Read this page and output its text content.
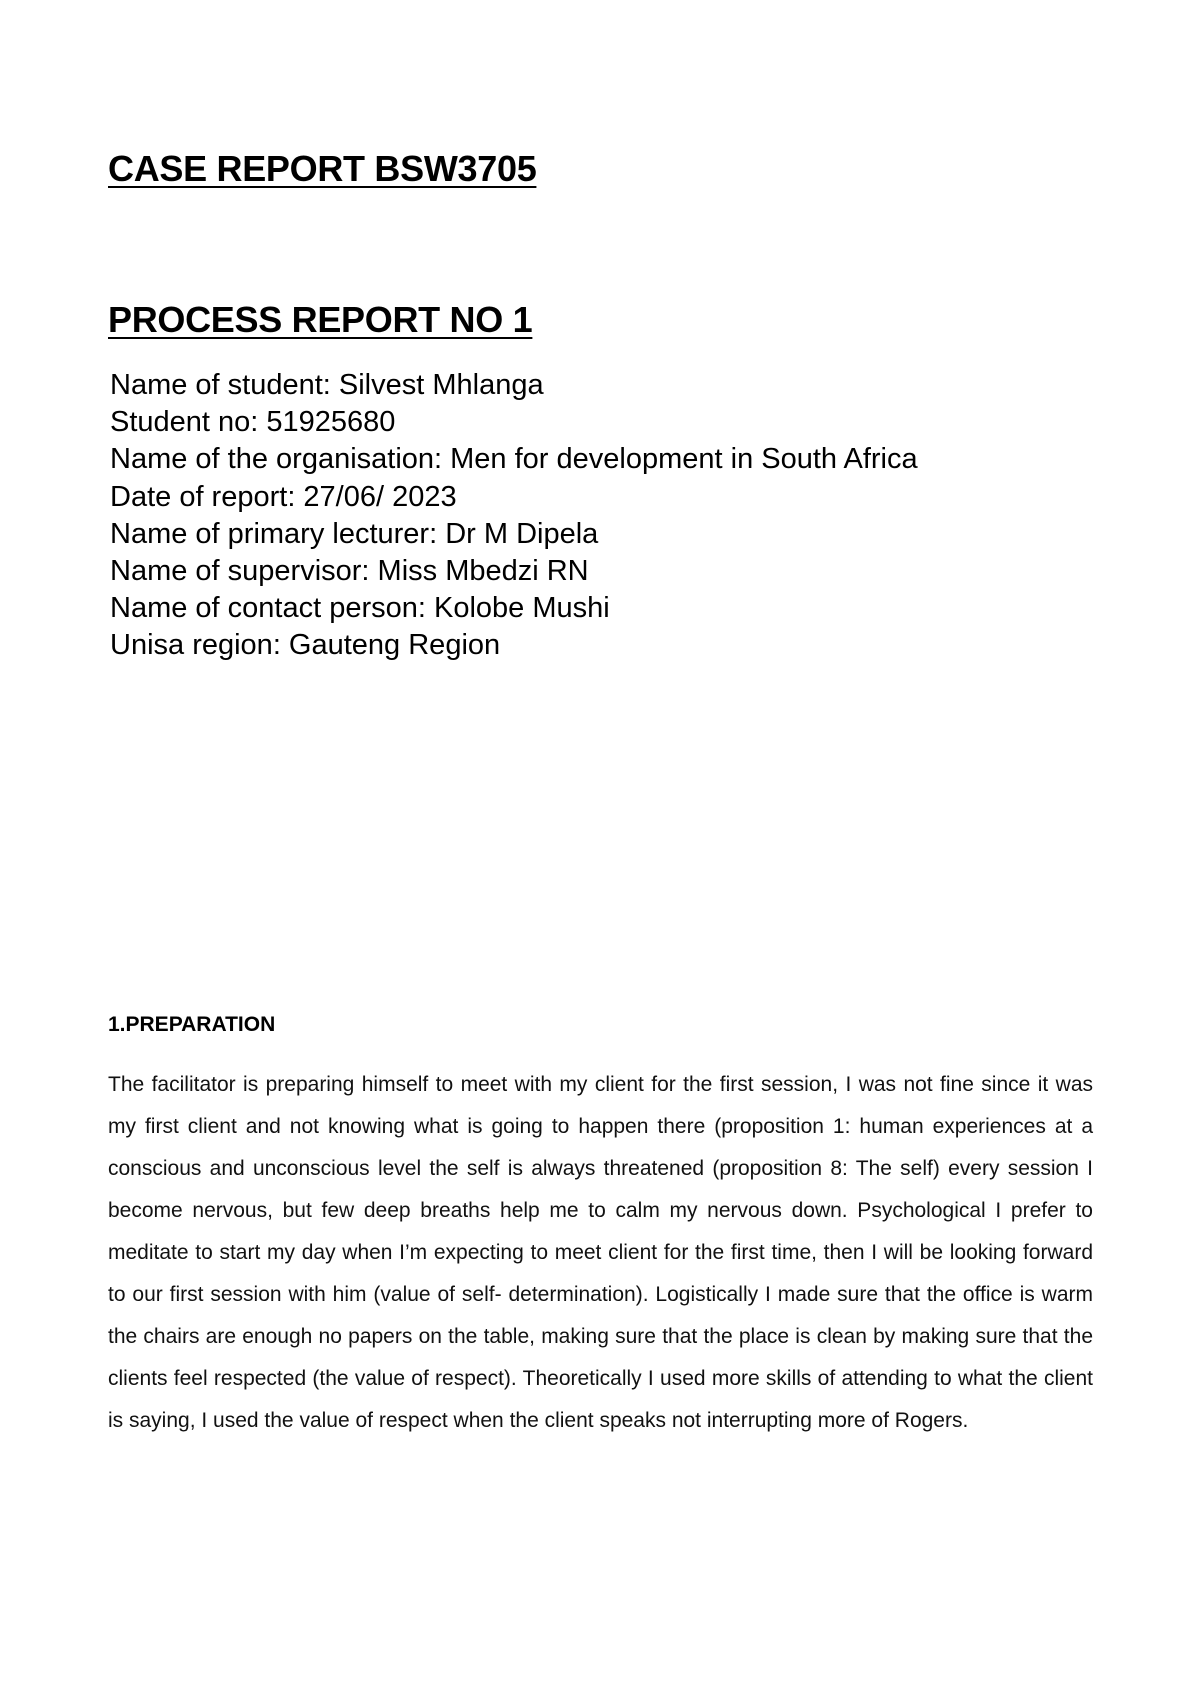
CASE REPORT BSW3705
PROCESS REPORT NO 1
Name of student: Silvest Mhlanga
Student no: 51925680
Name of the organisation: Men for development in South Africa
Date of report: 27/06/ 2023
Name of primary lecturer: Dr M Dipela
Name of supervisor: Miss Mbedzi RN
Name of contact person: Kolobe Mushi
Unisa region: Gauteng Region
1.PREPARATION

The facilitator is preparing himself to meet with my client for the first session, I was not fine since it was my first client and not knowing what is going to happen there (proposition 1: human experiences at a conscious and unconscious level the self is always threatened (proposition 8: The self) every session I become nervous, but few deep breaths help me to calm my nervous down. Psychological I prefer to meditate to start my day when I’m expecting to meet client for the first time, then I will be looking forward to our first session with him (value of self- determination). Logistically I made sure that the office is warm the chairs are enough no papers on the table, making sure that the place is clean by making sure that the clients feel respected (the value of respect). Theoretically I used more skills of attending to what the client is saying, I used the value of respect when the client speaks not interrupting more of Rogers.
